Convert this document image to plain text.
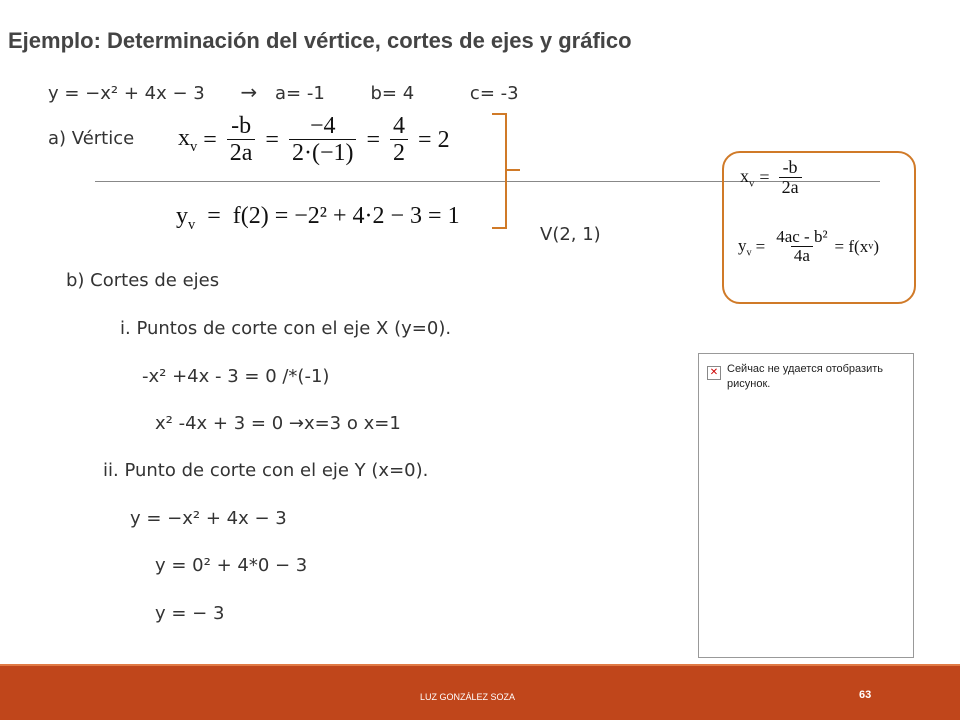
Ejemplo: Determinación del vértice, cortes de ejes y gráfico
y = −x² + 4x − 3 → a= -1	b= 4	c= -3
a) Vértice $x_v = \frac{-b}{2a} = \frac{-4}{2\cdot(-1)} = \frac{4}{2} = 2$
$y_v = f(2) = -2^2 + 4\cdot 2 - 3 = 1$
V(2, 1)
$x_v = \frac{-b}{2a}$
$y_v = \frac{\text{4ac - b²}}{4a} = f(x$ v )
b) Cortes de ejes
i. Puntos de corte con el eje X (y=0).
-x² +4x - 3 = 0 /*(-1)
x² -4x + 3 = 0 →x=3 o x=1
ii. Punto de corte con el eje Y (x=0).
y = −x² + 4x − 3
y = 0² + 4*0 − 3
y = − 3
✕ Сейчас не удается отобразить рисунок.
LUZ GONZÁLEZ SOZA	63
